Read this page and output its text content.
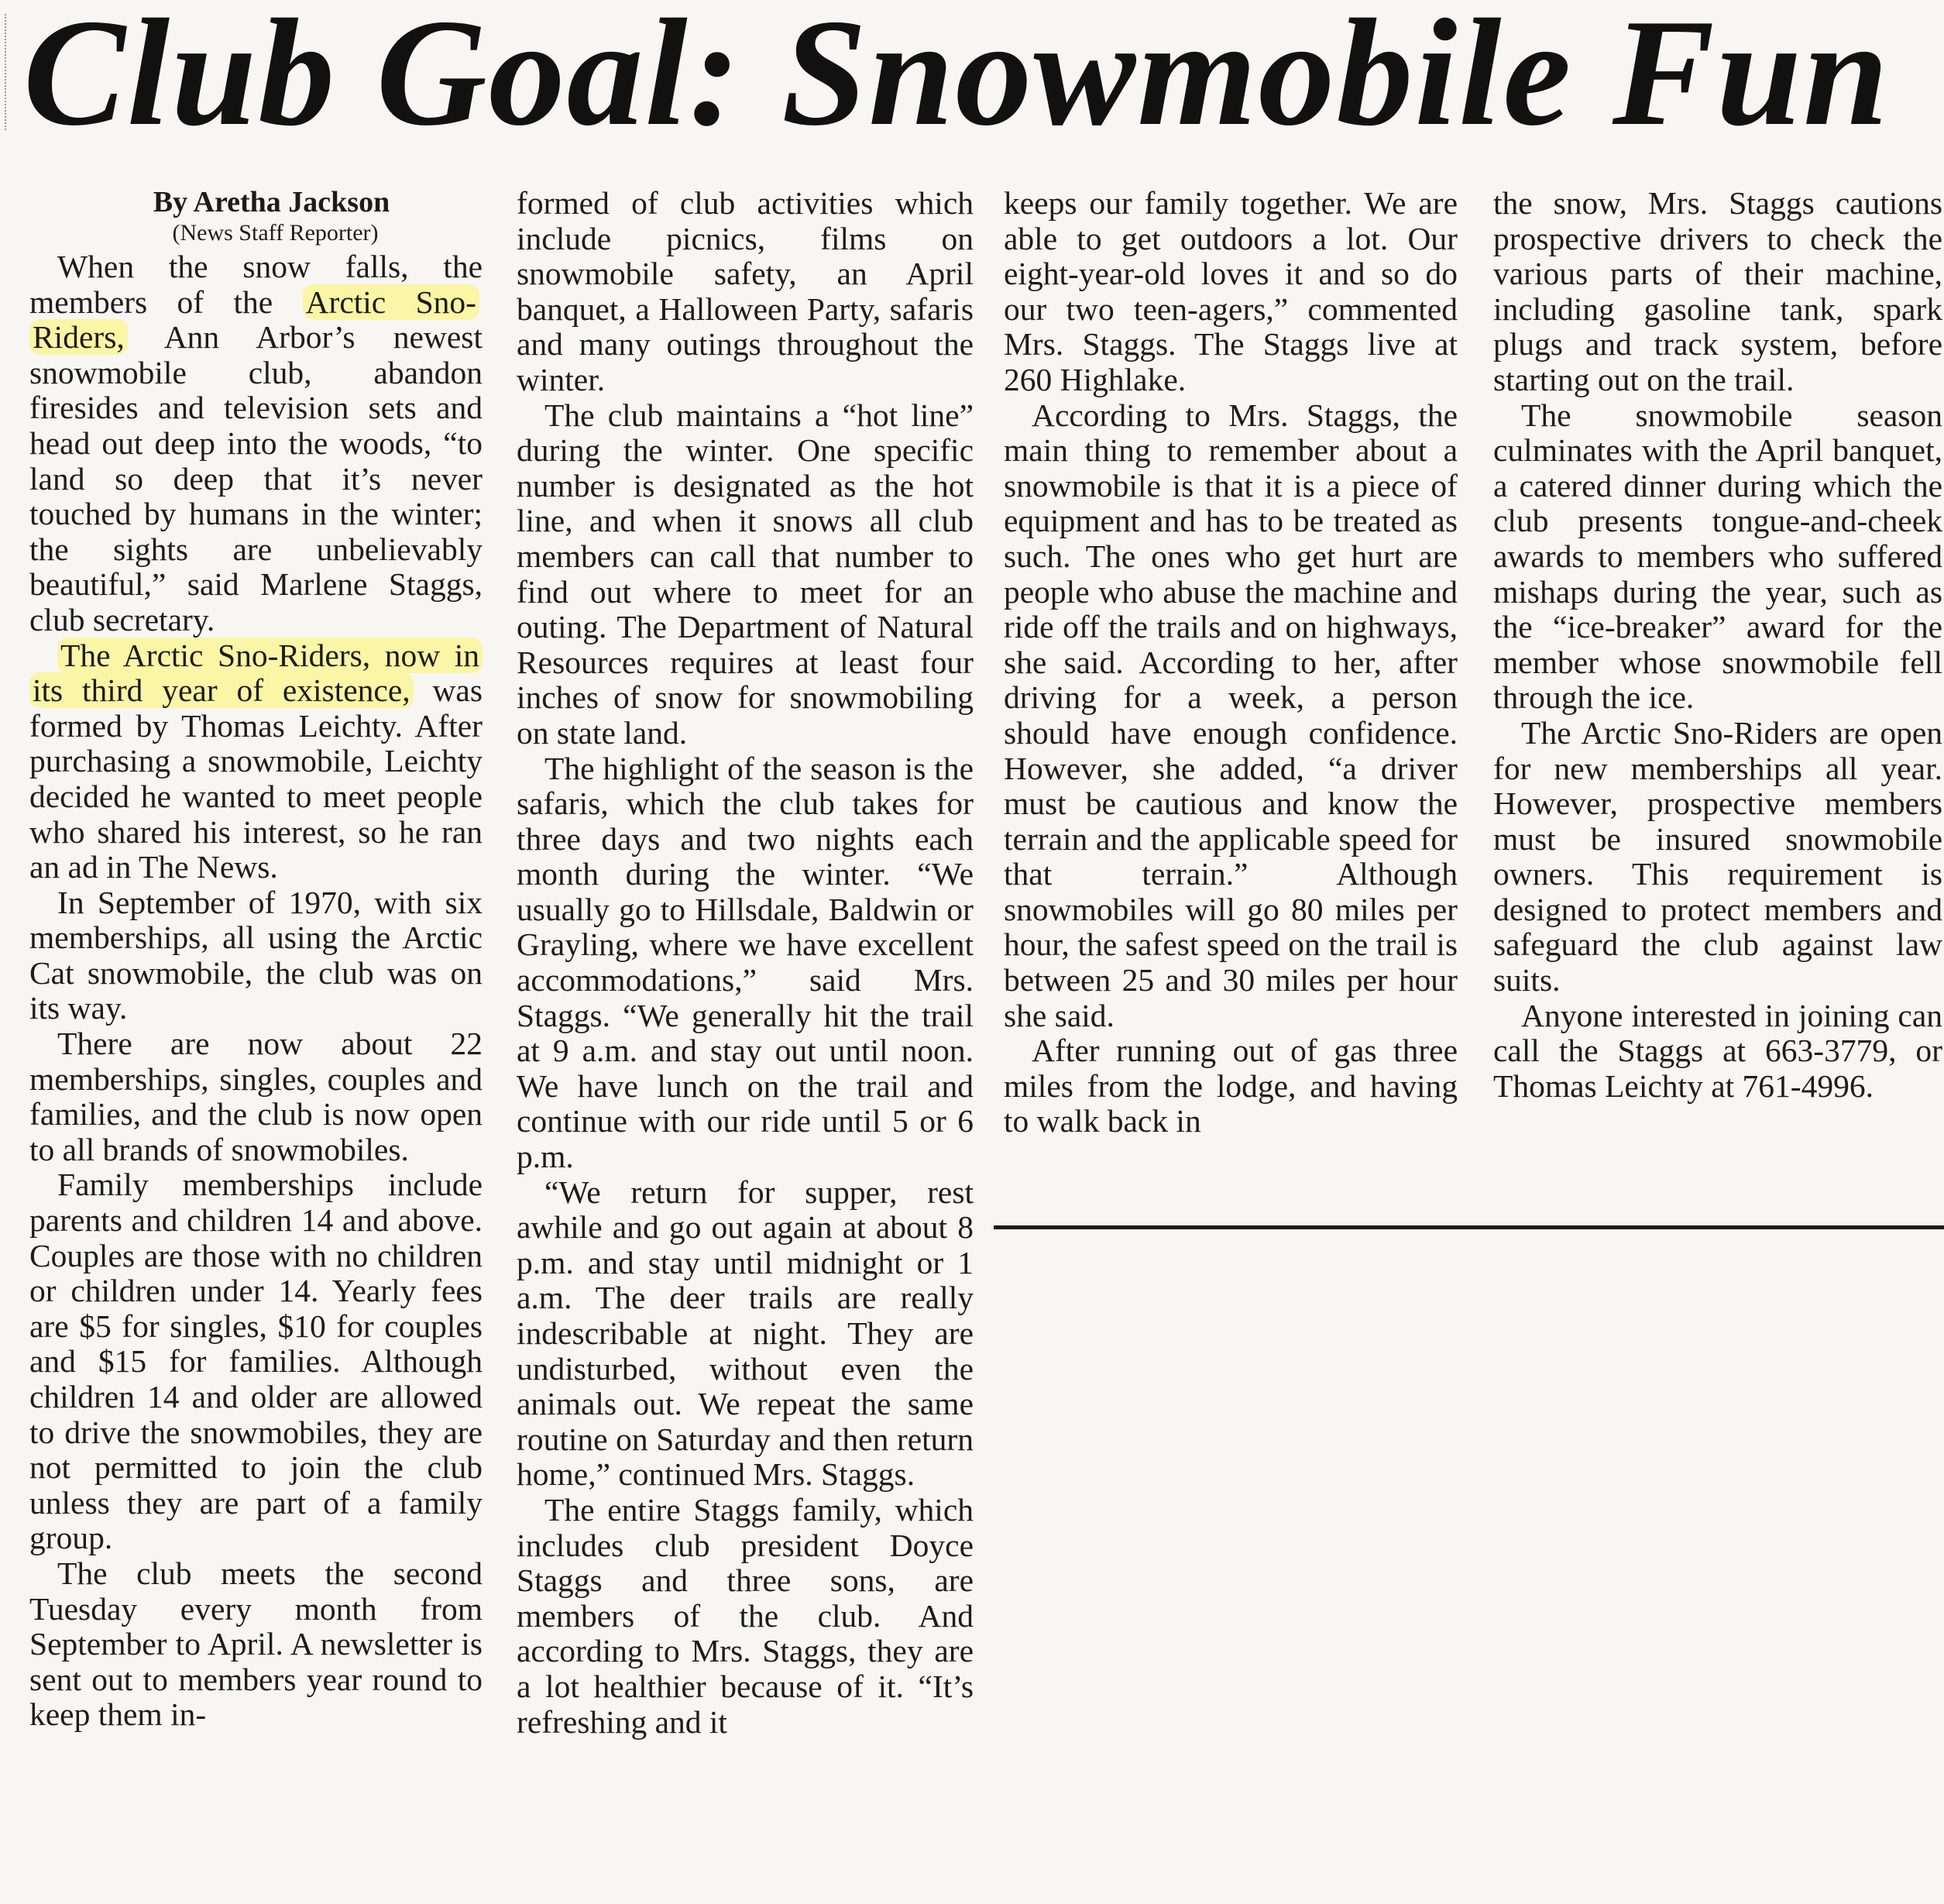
Club Goal: Snowmobile Fun

By Aretha Jackson

(News Staff Reporter)

When the snow falls, the members of the Arctic Sno-Riders, Ann Arbor’s newest snowmobile club, abandon firesides and television sets and head out deep into the woods, “to land so deep that it’s never touched by humans in the winter; the sights are unbelievably beautiful,” said Marlene Staggs, club secretary.

The Arctic Sno-Riders, now in its third year of existence, was formed by Thomas Leichty. After purchasing a snowmobile, Leichty decided he wanted to meet people who shared his interest, so he ran an ad in The News.

In September of 1970, with six memberships, all using the Arctic Cat snowmobile, the club was on its way.

There are now about 22 memberships, singles, couples and families, and the club is now open to all brands of snowmobiles.

Family memberships include parents and children 14 and above. Couples are those with no children or children under 14. Yearly fees are $5 for singles, $10 for couples and $15 for families. Although children 14 and older are allowed to drive the snowmobiles, they are not permitted to join the club unless they are part of a family group.

The club meets the second Tuesday every month from September to April. A newsletter is sent out to members year round to keep them in-

formed of club activities which include picnics, films on snowmobile safety, an April banquet, a Halloween Party, safaris and many outings throughout the winter.

The club maintains a “hot line” during the winter. One specific number is designated as the hot line, and when it snows all club members can call that number to find out where to meet for an outing. The Department of Natural Resources requires at least four inches of snow for snowmobiling on state land.

The highlight of the season is the safaris, which the club takes for three days and two nights each month during the winter. “We usually go to Hillsdale, Baldwin or Grayling, where we have excellent accommodations,” said Mrs. Staggs. “We generally hit the trail at 9 a.m. and stay out until noon. We have lunch on the trail and continue with our ride until 5 or 6 p.m.

“We return for supper, rest awhile and go out again at about 8 p.m. and stay until midnight or 1 a.m. The deer trails are really indescribable at night. They are undisturbed, without even the animals out. We repeat the same routine on Saturday and then return home,” continued Mrs. Staggs.

The entire Staggs family, which includes club president Doyce Staggs and three sons, are members of the club. And according to Mrs. Staggs, they are a lot healthier because of it. “It’s refreshing and it

keeps our family together. We are able to get outdoors a lot. Our eight-year-old loves it and so do our two teen-agers,” commented Mrs. Staggs. The Staggs live at 260 Highlake.

According to Mrs. Staggs, the main thing to remember about a snowmobile is that it is a piece of equipment and has to be treated as such. The ones who get hurt are people who abuse the machine and ride off the trails and on highways, she said. According to her, after driving for a week, a person should have enough confidence. However, she added, “a driver must be cautious and know the terrain and the applicable speed for that terrain.” Although snowmobiles will go 80 miles per hour, the safest speed on the trail is between 25 and 30 miles per hour she said.

After running out of gas three miles from the lodge, and having to walk back in

the snow, Mrs. Staggs cautions prospective drivers to check the various parts of their machine, including gasoline tank, spark plugs and track system, before starting out on the trail.

The snowmobile season culminates with the April banquet, a catered dinner during which the club presents tongue-and-cheek awards to members who suffered mishaps during the year, such as the “ice-breaker” award for the member whose snowmobile fell through the ice.

The Arctic Sno-Riders are open for new memberships all year. However, prospective members must be insured snowmobile owners. This requirement is designed to protect members and safeguard the club against law suits.

Anyone interested in joining can call the Staggs at 663-3779, or Thomas Leichty at 761-4996.
